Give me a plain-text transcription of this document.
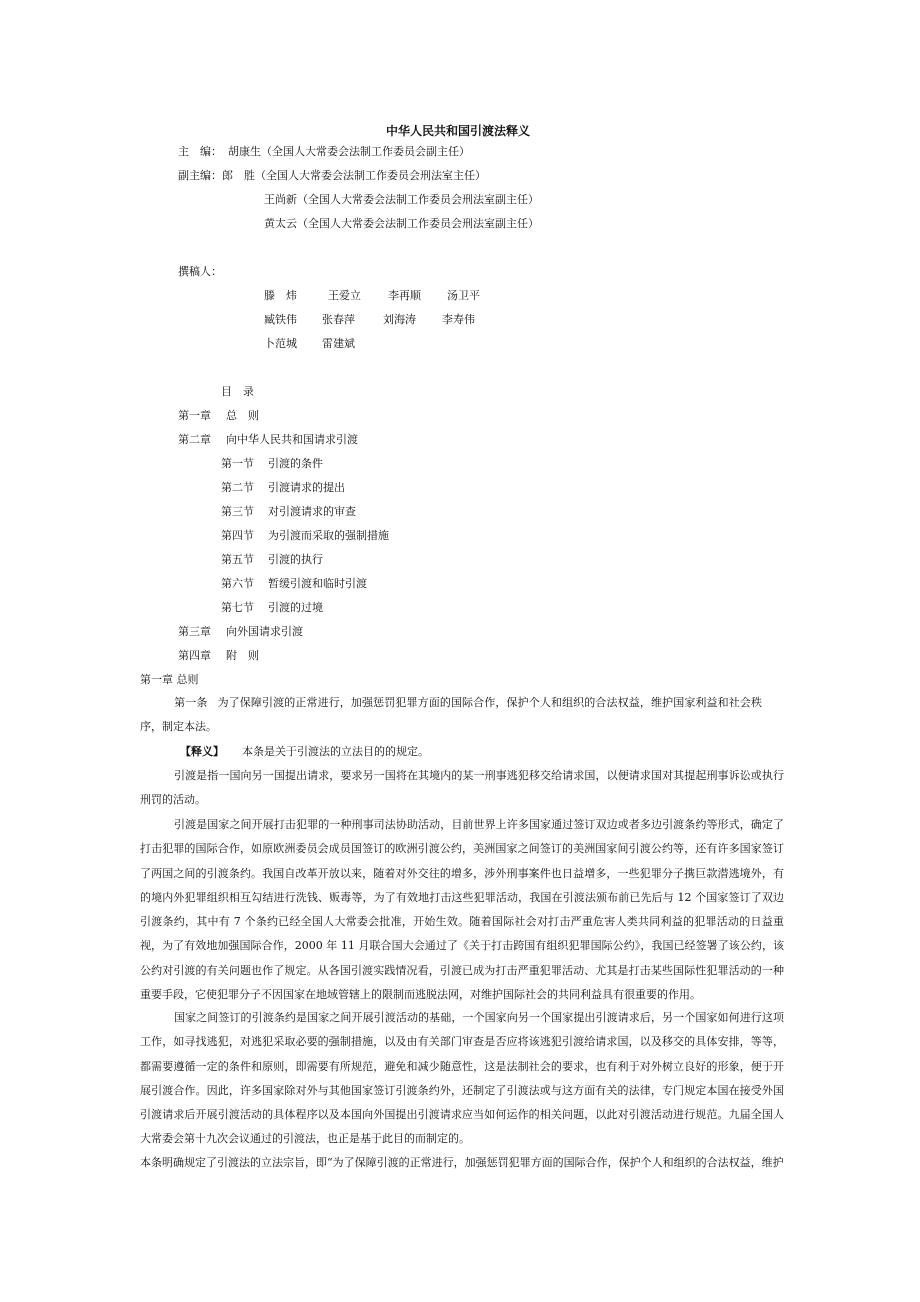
中华人民共和国引渡法释义
主　编： 胡康生（全国人大常委会法制工作委员会副主任）
副主编： 郎　胜（全国人大常委会法制工作委员会刑法室主任）
王尚新（全国人大常委会法制工作委员会刑法室副主任）
黄太云（全国人大常委会法制工作委员会刑法室副主任）
撰稿人：
滕　炜	王爱立 李再顺 汤卫平
臧铁伟 张春萍	刘海涛 李寿伟
卜范城 雷建斌
目　录
第一章 总　则
第二章 向中华人民共和国请求引渡
第一节 引渡的条件
第二节 引渡请求的提出
第三节 对引渡请求的审查
第四节 为引渡而采取的强制措施
第五节 引渡的执行
第六节 暂缓引渡和临时引渡
第七节 引渡的过境
第三章 向外国请求引渡
第四章 附　则
第一章 总则
第一条 为了保障引渡的正常进行，加强惩罚犯罪方面的国际合作，保护个人和组织的合法权益，维护国家利益和社会秩序，制定本法。
【释义】 本条是关于引渡法的立法目的的规定。
引渡是指一国向另一国提出请求，要求另一国将在其境内的某一刑事逃犯移交给请求国，以便请求国对其提起刑事诉讼或执行刑罚的活动。
引渡是国家之间开展打击犯罪的一种刑事司法协助活动，目前世界上许多国家通过签订双边或者多边引渡条约等形式，确定了打击犯罪的国际合作，如原欧洲委员会成员国签订的欧洲引渡公约，美洲国家之间签订的美洲国家间引渡公约等，还有许多国家签订了两国之间的引渡条约。我国自改革开放以来，随着对外交往的增多，涉外刑事案件也日益增多，一些犯罪分子携巨款潜逃境外，有的境内外犯罪组织相互勾结进行洗钱、贩毒等，为了有效地打击这些犯罪活动，我国在引渡法颁布前已先后与 12 个国家签订了双边引渡条约，其中有 7 个条约已经全国人大常委会批准，开始生效。随着国际社会对打击严重危害人类共同利益的犯罪活动的日益重视，为了有效地加强国际合作，2000 年 11 月联合国大会通过了《关于打击跨国有组织犯罪国际公约》，我国已经签署了该公约，该公约对引渡的有关问题也作了规定。从各国引渡实践情况看，引渡已成为打击严重犯罪活动、尤其是打击某些国际性犯罪活动的一种重要手段，它使犯罪分子不因国家在地域管辖上的限制而逃脱法网，对维护国际社会的共同利益具有很重要的作用。
国家之间签订的引渡条约是国家之间开展引渡活动的基础，一个国家向另一个国家提出引渡请求后，另一个国家如何进行这项工作，如寻找逃犯，对逃犯采取必要的强制措施，以及由有关部门审查是否应将该逃犯引渡给请求国，以及移交的具体安排，等等，都需要遵循一定的条件和原则，即需要有所规范，避免和减少随意性，这是法制社会的要求，也有利于对外树立良好的形象，便于开展引渡合作。因此，许多国家除对外与其他国家签订引渡条约外，还制定了引渡法或与这方面有关的法律，专门规定本国在接受外国引渡请求后开展引渡活动的具体程序以及本国向外国提出引渡请求应当如何运作的相关问题，以此对引渡活动进行规范。九届全国人大常委会第十九次会议通过的引渡法，也正是基于此目的而制定的。
本条明确规定了引渡法的立法宗旨，即“为了保障引渡的正常进行，加强惩罚犯罪方面的国际合作，保护个人和组织的合法权益，维护
